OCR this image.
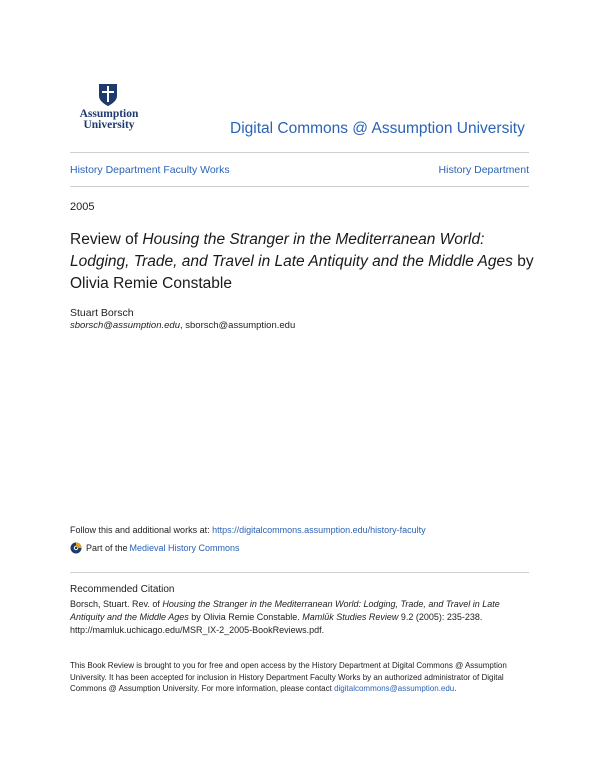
Assumption
University	Digital Commons @ Assumption University
History Department Faculty Works	History Department
2005
Review of Housing the Stranger in the Mediterranean World: Lodging, Trade, and Travel in Late Antiquity and the Middle Ages by Olivia Remie Constable
Stuart Borsch
sborsch@assumption.edu, sborsch@assumption.edu
Follow this and additional works at: https://digitalcommons.assumption.edu/history-faculty
Part of the Medieval History Commons
Recommended Citation
Borsch, Stuart. Rev. of Housing the Stranger in the Mediterranean World: Lodging, Trade, and Travel in Late Antiquity and the Middle Ages by Olivia Remie Constable. Mamlūk Studies Review 9.2 (2005): 235-238. http://mamluk.uchicago.edu/MSR_IX-2_2005-BookReviews.pdf.
This Book Review is brought to you for free and open access by the History Department at Digital Commons @ Assumption University. It has been accepted for inclusion in History Department Faculty Works by an authorized administrator of Digital Commons @ Assumption University. For more information, please contact digitalcommons@assumption.edu.
